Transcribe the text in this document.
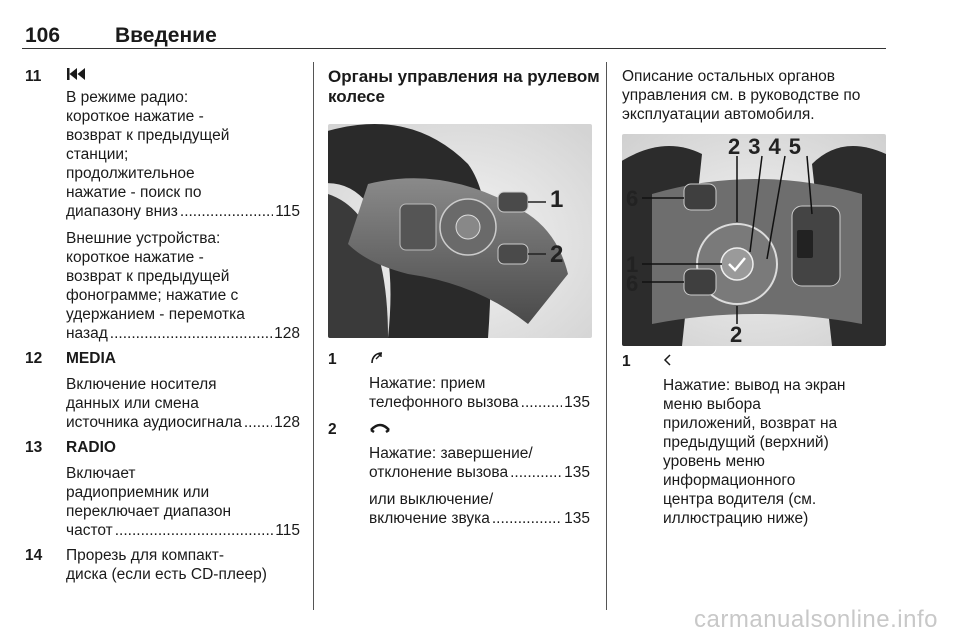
106	Введение
11
В режиме радио:
короткое нажатие -
возврат к предыдущей
станции;
продолжительное
нажатие - поиск по
диапазону вниз .....	115
Внешние устройства:
короткое нажатие -
возврат к предыдущей
фонограмме; нажатие с
удержанием - перемотка
назад .....	128
12 MEDIA
Включение носителя
данных или смена
источника аудиосигнала ..... 128
13 RADIO
Включает
радиоприемник или
переключает диапазон
частот .....	115
14 Прорезь для компакт-
диска (если есть CD-плеер)
Органы управления на рулевом
колесе
1
2
1
Нажатие: прием
телефонного вызова .....	135
2
Нажатие: завершение/
отклонение вызова .....	135
или выключение/
включение звука .....	135
Описание остальных органов
управления см. в руководстве по
эксплуатации автомобиля.
2345
6
1
6
2
1
Нажатие: вывод на экран
меню выбора
приложений, возврат на
предыдущий (верхний)
уровень меню
информационного
центра водителя (см.
иллюстрацию ниже)
carmanualsonline.info
